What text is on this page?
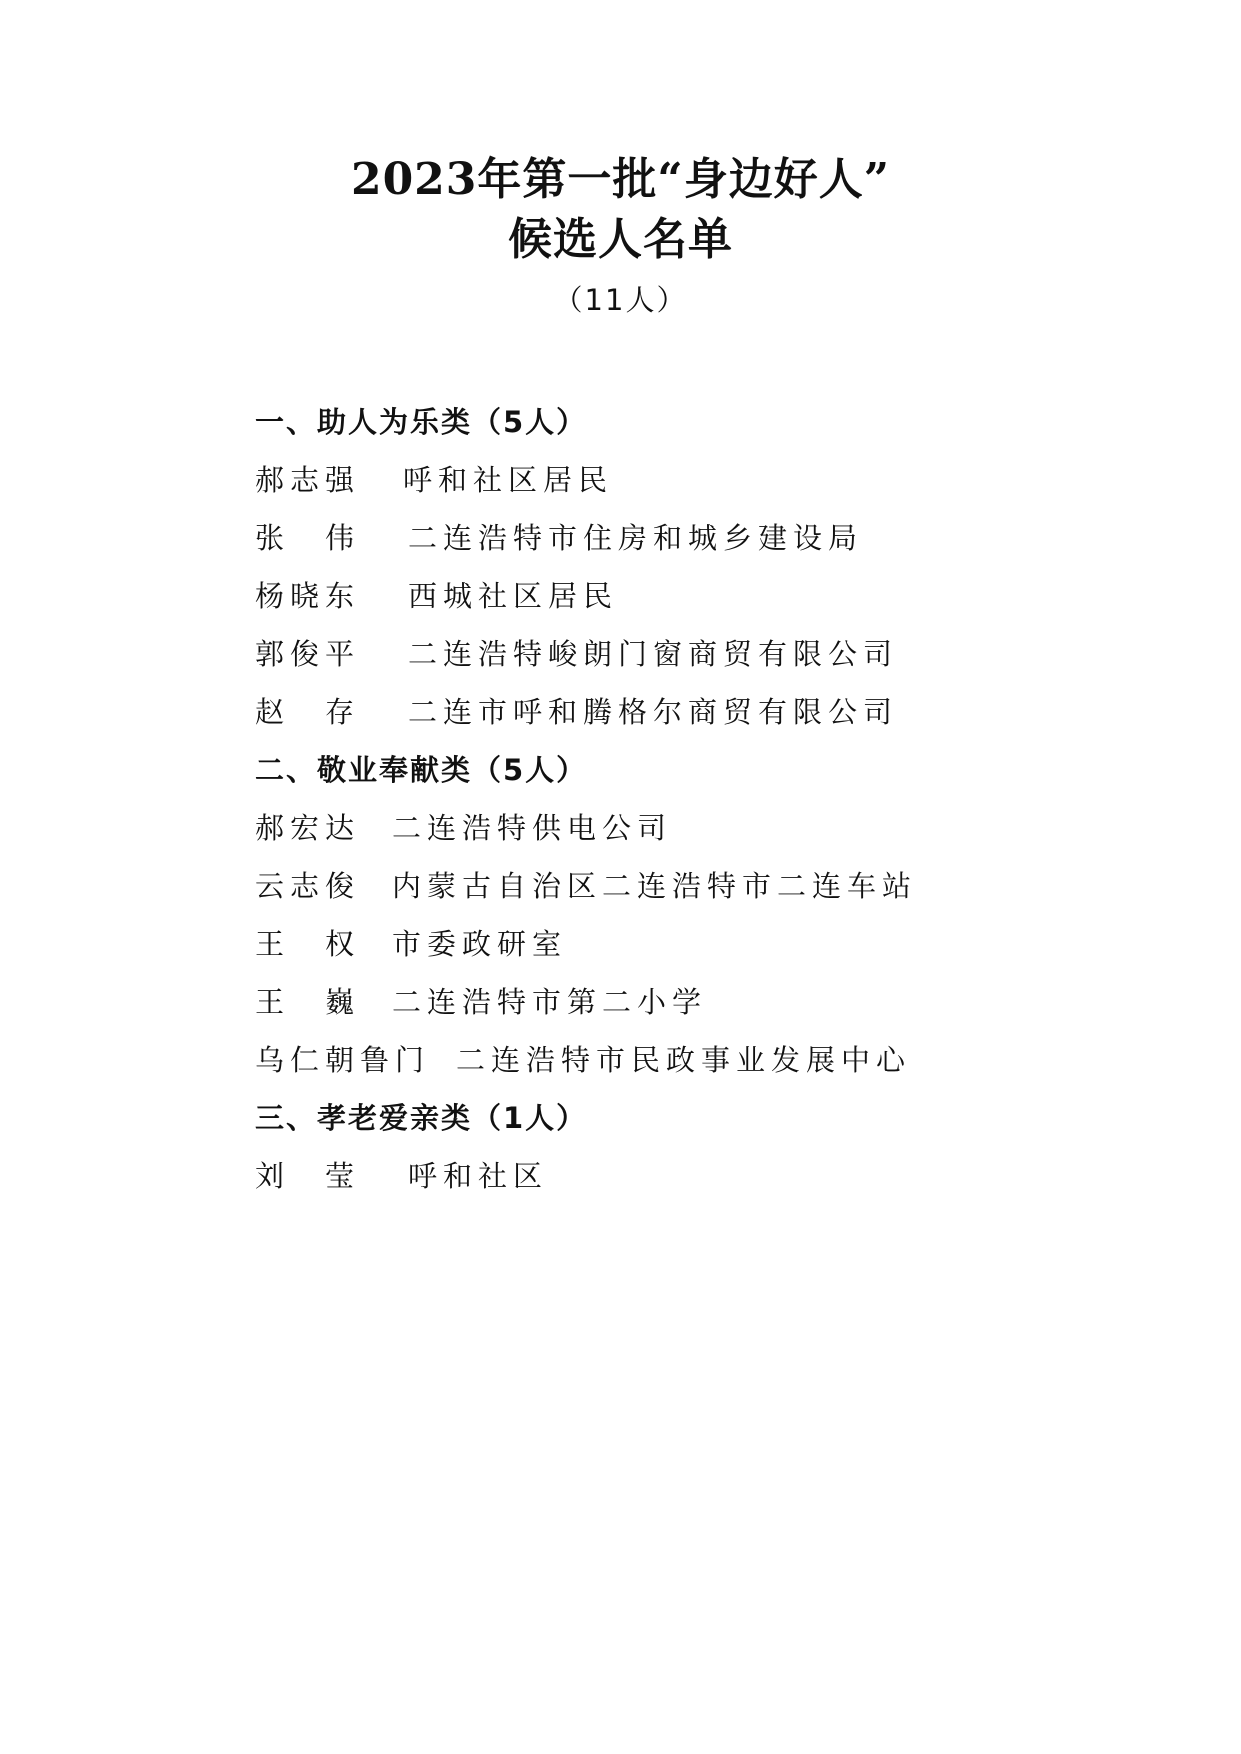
2023年第一批“身边好人”
候选人名单
（11人）
一、助人为乐类（5人）
郝志强 呼和社区居民
张　伟 二连浩特市住房和城乡建设局
杨晓东 西城社区居民
郭俊平 二连浩特峻朗门窗商贸有限公司
赵　存 二连市呼和腾格尔商贸有限公司
二、敬业奉献类（5人）
郝宏达 二连浩特供电公司
云志俊 内蒙古自治区二连浩特市二连车站
王　权 市委政研室
王　巍 二连浩特市第二小学
乌仁朝鲁门 二连浩特市民政事业发展中心
三、孝老爱亲类（1人）
刘　莹 呼和社区
